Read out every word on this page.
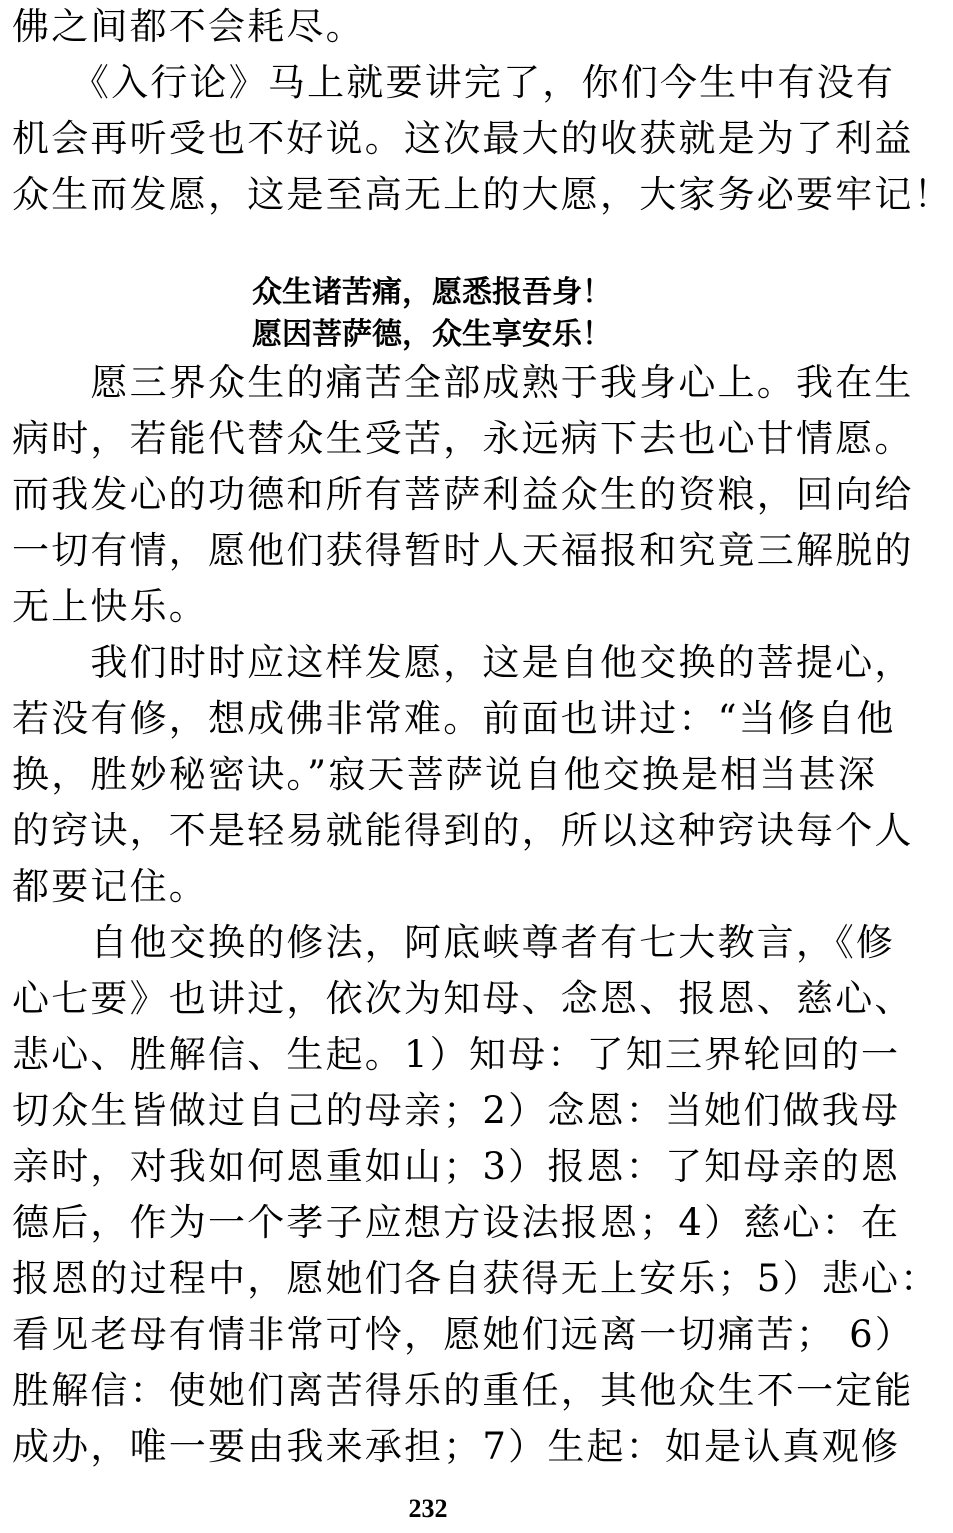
佛之间都不会耗尽。
　　《入行论》马上就要讲完了，你们今生中有没有
机会再听受也不好说。这次最大的收获就是为了利益
众生而发愿，这是至高无上的大愿，大家务必要牢记！
众生诸苦痛，愿悉报吾身！
愿因菩萨德，众生享安乐！
　　愿三界众生的痛苦全部成熟于我身心上。我在生
病时，若能代替众生受苦，永远病下去也心甘情愿。
而我发心的功德和所有菩萨利益众生的资粮，回向给
一切有情，愿他们获得暂时人天福报和究竟三解脱的
无上快乐。
　　我们时时应这样发愿，这是自他交换的菩提心，
若没有修，想成佛非常难。前面也讲过：“当修自他
换，胜妙秘密诀。”寂天菩萨说自他交换是相当甚深
的窍诀，不是轻易就能得到的，所以这种窍诀每个人
都要记住。
　　自他交换的修法，阿底峡尊者有七大教言，《修
心七要》也讲过，依次为知母、念恩、报恩、慈心、
悲心、胜解信、生起。1）知母：了知三界轮回的一
切众生皆做过自己的母亲；2）念恩：当她们做我母
亲时，对我如何恩重如山；3）报恩：了知母亲的恩
德后，作为一个孝子应想方设法报恩；4）慈心：在
报恩的过程中，愿她们各自获得无上安乐；5）悲心：
看见老母有情非常可怜，愿她们远离一切痛苦； 6）
胜解信：使她们离苦得乐的重任，其他众生不一定能
成办，唯一要由我来承担；7）生起：如是认真观修
232
